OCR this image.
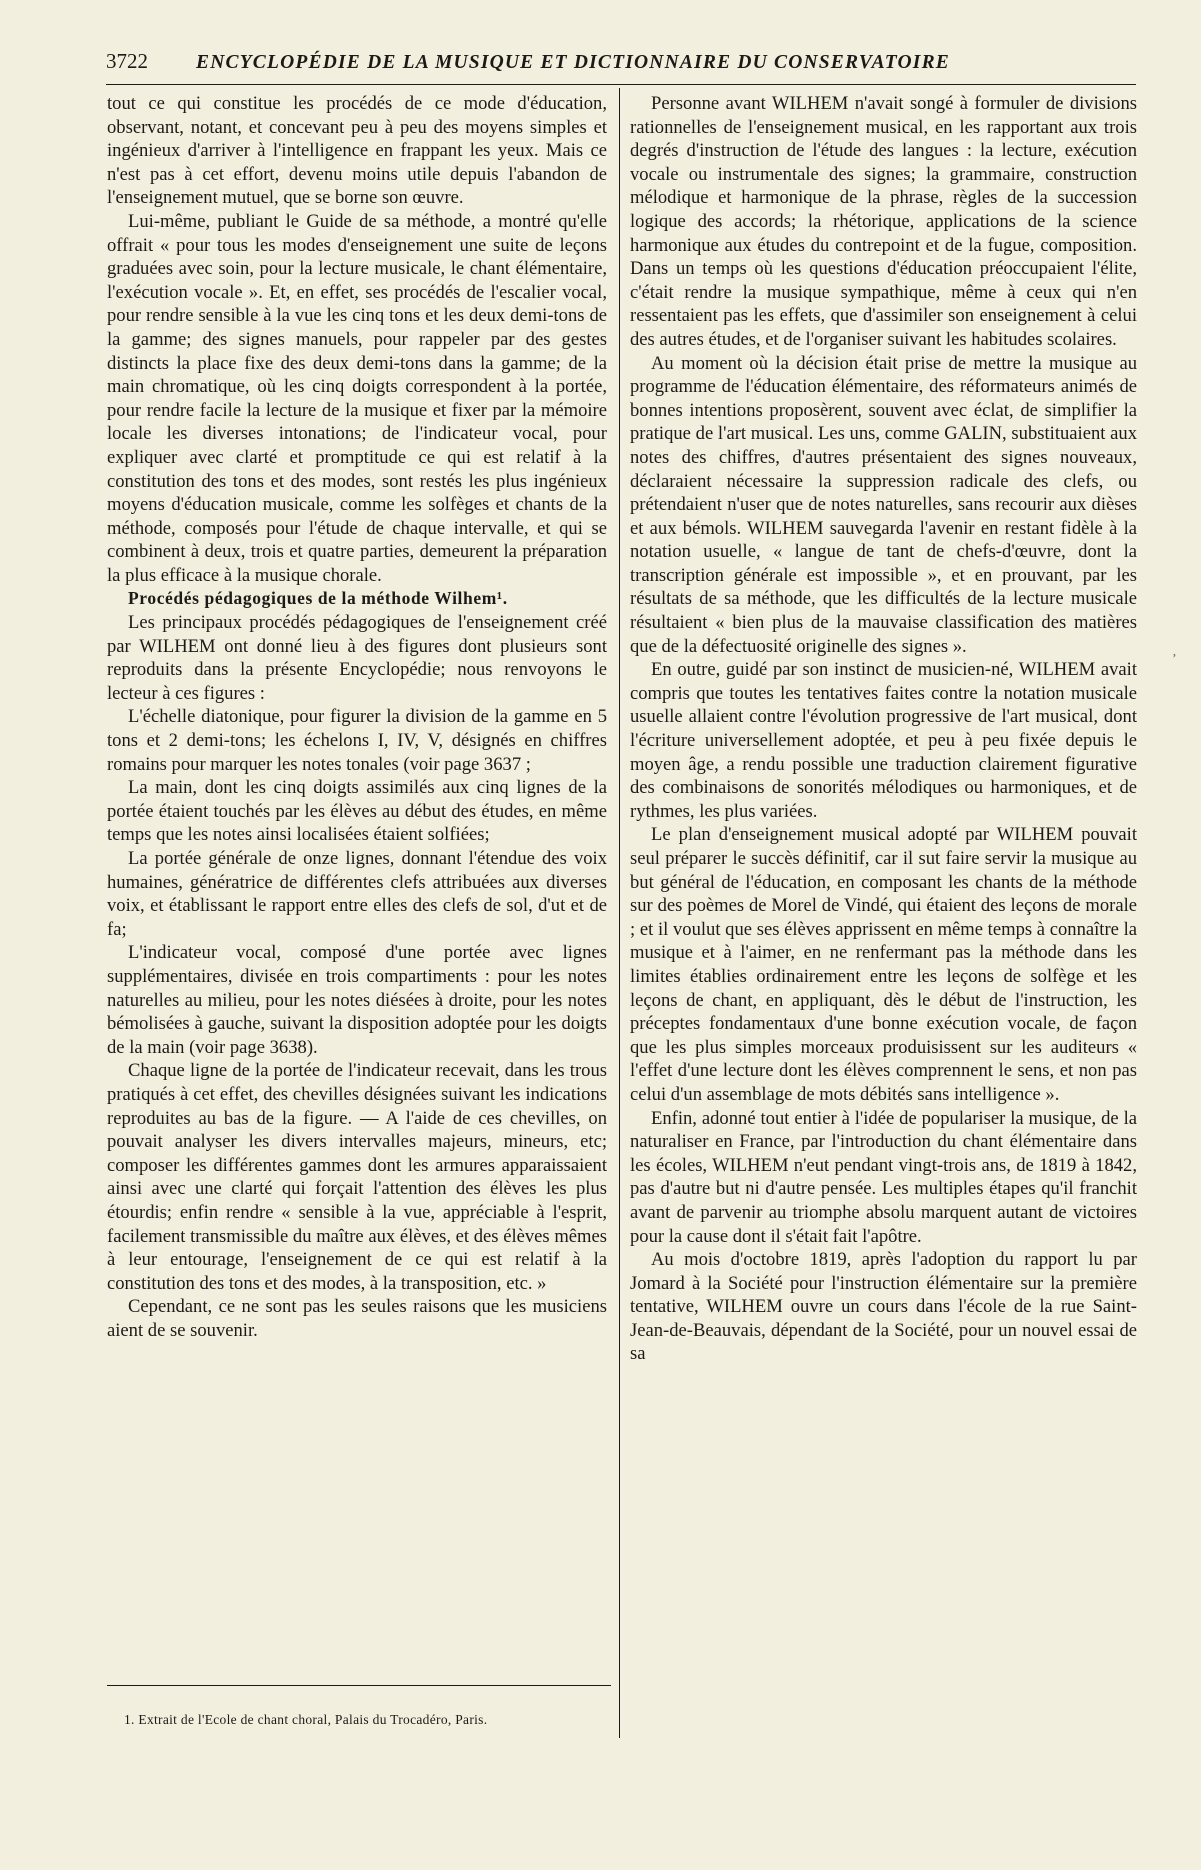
3722	ENCYCLOPÉDIE DE LA MUSIQUE ET DICTIONNAIRE DU CONSERVATOIRE

tout ce qui constitue les procédés de ce mode d'éducation, observant, notant, et concevant peu à peu des moyens simples et ingénieux d'arriver à l'intelligence en frappant les yeux. Mais ce n'est pas à cet effort, devenu moins utile depuis l'abandon de l'enseignement mutuel, que se borne son œuvre.

Lui-même, publiant le Guide de sa méthode, a montré qu'elle offrait « pour tous les modes d'enseignement une suite de leçons graduées avec soin, pour la lecture musicale, le chant élémentaire, l'exécution vocale ». Et, en effet, ses procédés de l'escalier vocal, pour rendre sensible à la vue les cinq tons et les deux demi-tons de la gamme; des signes manuels, pour rappeler par des gestes distincts la place fixe des deux demi-tons dans la gamme; de la main chromatique, où les cinq doigts correspondent à la portée, pour rendre facile la lecture de la musique et fixer par la mémoire locale les diverses intonations; de l'indicateur vocal, pour expliquer avec clarté et promptitude ce qui est relatif à la constitution des tons et des modes, sont restés les plus ingénieux moyens d'éducation musicale, comme les solfèges et chants de la méthode, composés pour l'étude de chaque intervalle, et qui se combinent à deux, trois et quatre parties, demeurent la préparation la plus efficace à la musique chorale.

Procédés pédagogiques de la méthode Wilhem¹.

Les principaux procédés pédagogiques de l'enseignement créé par WILHEM ont donné lieu à des figures dont plusieurs sont reproduits dans la présente Encyclopédie; nous renvoyons le lecteur à ces figures :

L'échelle diatonique, pour figurer la division de la gamme en 5 tons et 2 demi-tons; les échelons I, IV, V, désignés en chiffres romains pour marquer les notes tonales (voir page 3637 ;

La main, dont les cinq doigts assimilés aux cinq lignes de la portée étaient touchés par les élèves au début des études, en même temps que les notes ainsi localisées étaient solfiées;

La portée générale de onze lignes, donnant l'étendue des voix humaines, génératrice de différentes clefs attribuées aux diverses voix, et établissant le rapport entre elles des clefs de sol, d'ut et de fa;

L'indicateur vocal, composé d'une portée avec lignes supplémentaires, divisée en trois compartiments : pour les notes naturelles au milieu, pour les notes diésées à droite, pour les notes bémolisées à gauche, suivant la disposition adoptée pour les doigts de la main (voir page 3638).

Chaque ligne de la portée de l'indicateur recevait, dans les trous pratiqués à cet effet, des chevilles désignées suivant les indications reproduites au bas de la figure. — A l'aide de ces chevilles, on pouvait analyser les divers intervalles majeurs, mineurs, etc; composer les différentes gammes dont les armures apparaissaient ainsi avec une clarté qui forçait l'attention des élèves les plus étourdis; enfin rendre « sensible à la vue, appréciable à l'esprit, facilement transmissible du maître aux élèves, et des élèves mêmes à leur entourage, l'enseignement de ce qui est relatif à la constitution des tons et des modes, à la transposition, etc. »

Cependant, ce ne sont pas les seules raisons que les musiciens aient de se souvenir.

1. Extrait de l'Ecole de chant choral, Palais du Trocadéro, Paris.

Personne avant WILHEM n'avait songé à formuler de divisions rationnelles de l'enseignement musical, en les rapportant aux trois degrés d'instruction de l'étude des langues : la lecture, exécution vocale ou instrumentale des signes; la grammaire, construction mélodique et harmonique de la phrase, règles de la succession logique des accords; la rhétorique, applications de la science harmonique aux études du contrepoint et de la fugue, composition. Dans un temps où les questions d'éducation préoccupaient l'élite, c'était rendre la musique sympathique, même à ceux qui n'en ressentaient pas les effets, que d'assimiler son enseignement à celui des autres études, et de l'organiser suivant les habitudes scolaires.

Au moment où la décision était prise de mettre la musique au programme de l'éducation élémentaire, des réformateurs animés de bonnes intentions proposèrent, souvent avec éclat, de simplifier la pratique de l'art musical. Les uns, comme GALIN, substituaient aux notes des chiffres, d'autres présentaient des signes nouveaux, déclaraient nécessaire la suppression radicale des clefs, ou prétendaient n'user que de notes naturelles, sans recourir aux dièses et aux bémols. WILHEM sauvegarda l'avenir en restant fidèle à la notation usuelle, « langue de tant de chefs-d'œuvre, dont la transcription générale est impossible », et en prouvant, par les résultats de sa méthode, que les difficultés de la lecture musicale résultaient « bien plus de la mauvaise classification des matières que de la défectuosité originelle des signes ».

En outre, guidé par son instinct de musicien-né, WILHEM avait compris que toutes les tentatives faites contre la notation musicale usuelle allaient contre l'évolution progressive de l'art musical, dont l'écriture universellement adoptée, et peu à peu fixée depuis le moyen âge, a rendu possible une traduction clairement figurative des combinaisons de sonorités mélodiques ou harmoniques, et de rythmes, les plus variées.

Le plan d'enseignement musical adopté par WILHEM pouvait seul préparer le succès définitif, car il sut faire servir la musique au but général de l'éducation, en composant les chants de la méthode sur des poèmes de Morel de Vindé, qui étaient des leçons de morale ; et il voulut que ses élèves apprissent en même temps à connaître la musique et à l'aimer, en ne renfermant pas la méthode dans les limites établies ordinairement entre les leçons de solfège et les leçons de chant, en appliquant, dès le début de l'instruction, les préceptes fondamentaux d'une bonne exécution vocale, de façon que les plus simples morceaux produisissent sur les auditeurs « l'effet d'une lecture dont les élèves comprennent le sens, et non pas celui d'un assemblage de mots débités sans intelligence ».

Enfin, adonné tout entier à l'idée de populariser la musique, de la naturaliser en France, par l'introduction du chant élémentaire dans les écoles, WILHEM n'eut pendant vingt-trois ans, de 1819 à 1842, pas d'autre but ni d'autre pensée. Les multiples étapes qu'il franchit avant de parvenir au triomphe absolu marquent autant de victoires pour la cause dont il s'était fait l'apôtre.

Au mois d'octobre 1819, après l'adoption du rapport lu par Jomard à la Société pour l'instruction élémentaire sur la première tentative, WILHEM ouvre un cours dans l'école de la rue Saint-Jean-de-Beauvais, dépendant de la Société, pour un nouvel essai de sa

ʼ
